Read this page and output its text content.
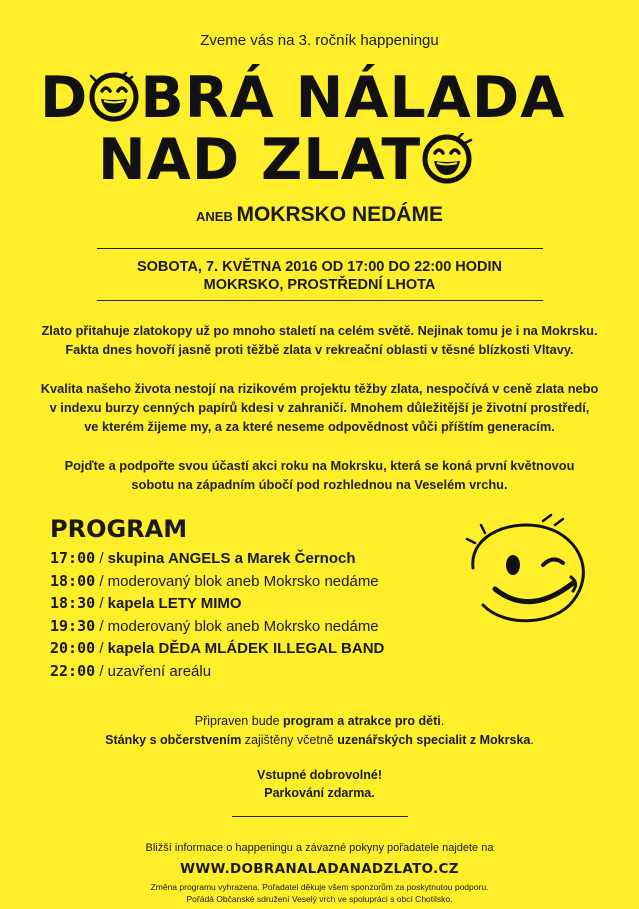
Zveme vás na 3. ročník happeningu
D BRÁ NÁLADA
NAD ZLAT
ANEB MOKRSKO NEDÁME
SOBOTA, 7. KVĚTNA 2016 OD 17:00 DO 22:00 HODIN
MOKRSKO, PROSTŘEDNÍ LHOTA
Zlato přitahuje zlatokopy už po mnoho staletí na celém světě. Nejinak tomu je i na Mokrsku.
Fakta dnes hovoří jasně proti těžbě zlata v rekreační oblasti v těsné blízkosti Vltavy.
Kvalita našeho života nestojí na rizikovém projektu těžby zlata, nespočívá v ceně zlata nebo
v indexu burzy cenných papírů kdesi v zahraničí. Mnohem důležitější je životní prostředí,
ve kterém žijeme my, a za které neseme odpovědnost vůči příštím generacím.
Pojďte a podpořte svou účastí akci roku na Mokrsku, která se koná první květnovou
sobotu na západním úbočí pod rozhlednou na Veselém vrchu.
PROGRAM
17:00 / skupina ANGELS a Marek Černoch
18:00 / moderovaný blok aneb Mokrsko nedáme
18:30 / kapela LETY MIMO
19:30 / moderovaný blok aneb Mokrsko nedáme
20:00 / kapela DĚDA MLÁDEK ILLEGAL BAND
22:00 / uzavření areálu
Připraven bude program a atrakce pro děti.
Stánky s občerstvením zajištěny včetně uzenářských specialit z Mokrska.
Vstupné dobrovolné!
Parkování zdarma.
Bližší informace o happeningu a závazné pokyny pořadatele najdete na
WWW.DOBRANALADANADZLATO.CZ
Změna programu vyhrazena. Pořadatel děkuje všem sponzorům za poskytnutou podporu.
Pořádá Občanské sdružení Veselý vrch ve spolupráci s obcí Chotilsko.
